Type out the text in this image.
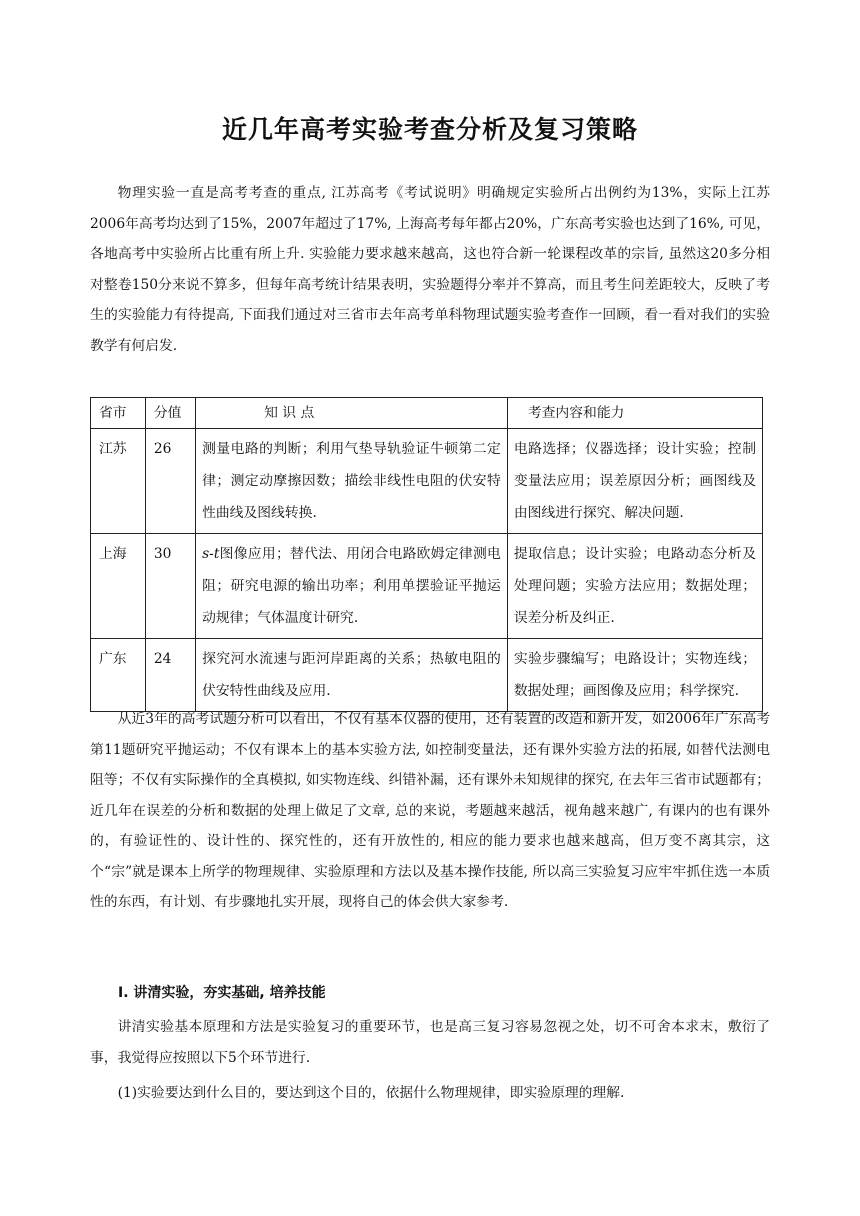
近几年高考实验考查分析及复习策略

物理实验一直是高考考查的重点, 江苏高考《考试说明》明确规定实验所占出例约为13%，实际上江苏2006年高考均达到了15%，2007年超过了17%, 上海高考每年都占20%，广东高考实验也达到了16%, 可见，各地高考中实验所占比重有所上升. 实验能力要求越来越高，这也符合新一轮课程改革的宗旨, 虽然这20多分相对整卷150分来说不算多，但每年高考统计结果表明，实验题得分率并不算高，而且考生问差距较大，反映了考生的实验能力有待提高, 下面我们通过对三省市去年高考单科物理试题实验考查作一回顾，看一看对我们的实验教学有何启发.

省市	分值	知 识 点	考查内容和能力
江苏	26	测量电路的判断；利用气垫导轨验证牛顿第二定律；测定动摩擦因数；描绘非线性电阻的伏安特性曲线及图线转换.	电路选择；仪器选择；设计实验；控制变量法应用；误差原因分析；画图线及由图线进行探究、解决问题.
上海	30	s-t图像应用；替代法、用闭合电路欧姆定律测电阻；研究电源的输出功率；利用单摆验证平抛运动规律；气体温度计研究.	提取信息；设计实验；电路动态分析及处理问题；实验方法应用；数据处理；误差分析及纠正.
广东	24	探究河水流速与距河岸距离的关系；热敏电阻的伏安特性曲线及应用.	实验步骤编写；电路设计；实物连线；数据处理；画图像及应用；科学探究.

从近3年的高考试题分析可以看出，不仅有基本仪器的使用，还有装置的改造和新开发，如2006年广东高考第11题研究平抛运动；不仅有课本上的基本实验方法, 如控制变量法，还有课外实验方法的拓展, 如替代法测电阻等；不仅有实际操作的全真模拟, 如实物连线、纠错补漏，还有课外未知规律的探究, 在去年三省市试题都有；近几年在误差的分析和数据的处理上做足了文章, 总的来说，考题越来越活，视角越来越广, 有课内的也有课外的，有验证性的、设计性的、探究性的，还有开放性的, 相应的能力要求也越来越高，但万变不离其宗，这个“宗”就是课本上所学的物理规律、实验原理和方法以及基本操作技能, 所以高三实验复习应牢牢抓住选一本质性的东西，有计划、有步骤地扎实开展，现将自己的体会供大家参考.

Ⅰ. 讲清实验，夯实基础, 培养技能

讲清实验基本原理和方法是实验复习的重要环节，也是高三复习容易忽视之处，切不可舍本求末，敷衍了事，我觉得应按照以下5个环节进行.

(1)实验要达到什么目的，要达到这个目的，依据什么物理规律，即实验原理的理解.
